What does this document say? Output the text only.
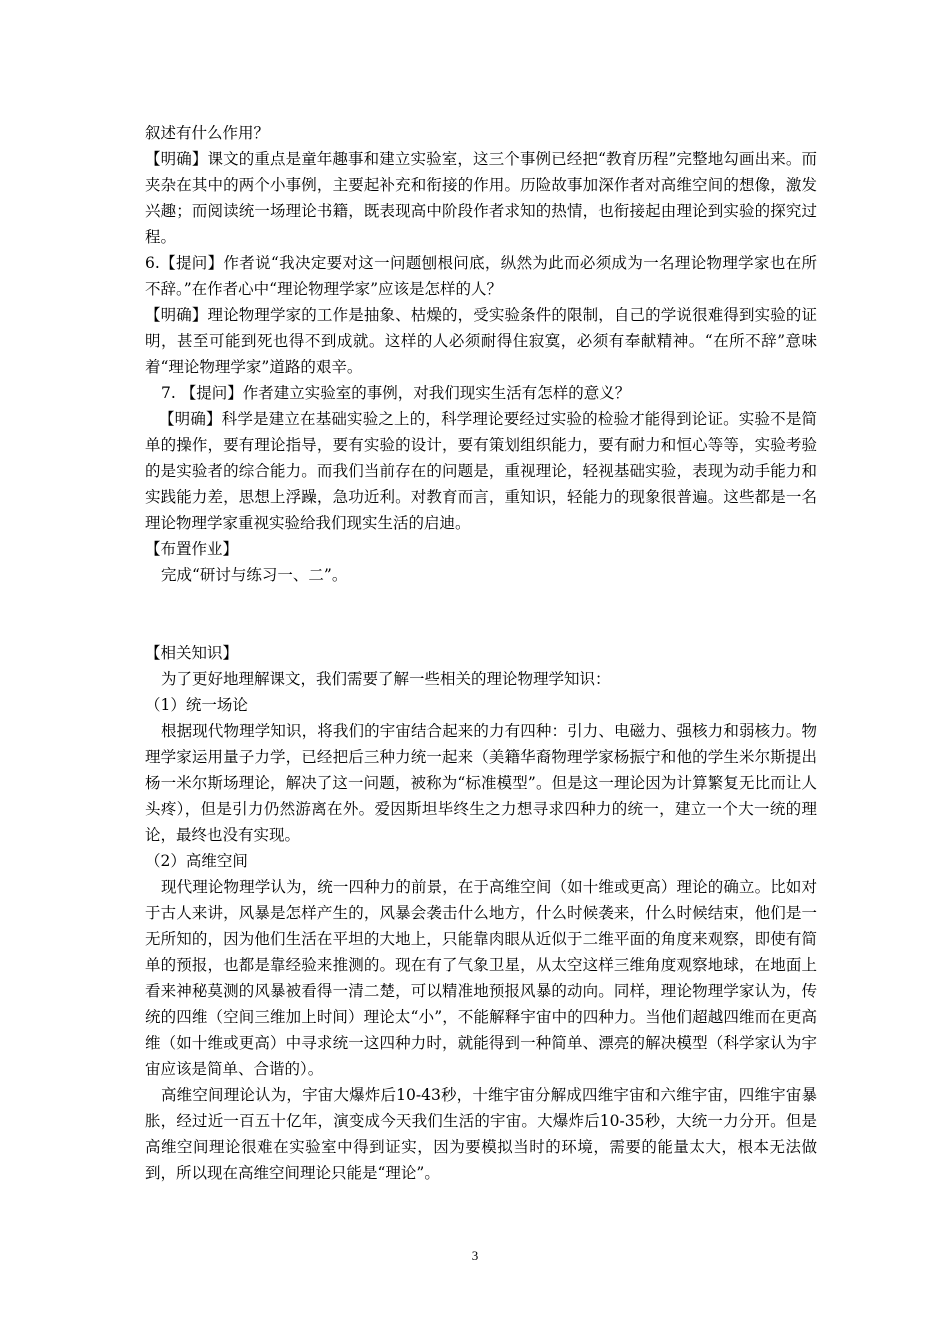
叙述有什么作用？

【明确】课文的重点是童年趣事和建立实验室，这三个事例已经把“教育历程”完整地勾画出来。而夹杂在其中的两个小事例，主要起补充和衔接的作用。历险故事加深作者对高维空间的想像，激发兴趣；而阅读统一场理论书籍，既表现高中阶段作者求知的热情，也衔接起由理论到实验的探究过程。

6.【提问】作者说“我决定要对这一问题刨根问底，纵然为此而必须成为一名理论物理学家也在所不辞。”在作者心中“理论物理学家”应该是怎样的人？

【明确】理论物理学家的工作是抽象、枯燥的，受实验条件的限制，自己的学说很难得到实验的证明，甚至可能到死也得不到成就。这样的人必须耐得住寂寞，必须有奉献精神。“在所不辞”意味着“理论物理学家”道路的艰辛。

7. 【提问】作者建立实验室的事例，对我们现实生活有怎样的意义？

【明确】科学是建立在基础实验之上的，科学理论要经过实验的检验才能得到论证。实验不是简单的操作，要有理论指导，要有实验的设计，要有策划组织能力，要有耐力和恒心等等，实验考验的是实验者的综合能力。而我们当前存在的问题是，重视理论，轻视基础实验，表现为动手能力和实践能力差，思想上浮躁，急功近利。对教育而言，重知识，轻能力的现象很普遍。这些都是一名理论物理学家重视实验给我们现实生活的启迪。

【布置作业】

完成“研讨与练习一、二”。

【相关知识】

为了更好地理解课文，我们需要了解一些相关的理论物理学知识：

（1）统一场论

根据现代物理学知识，将我们的宇宙结合起来的力有四种：引力、电磁力、强核力和弱核力。物理学家运用量子力学，已经把后三种力统一起来（美籍华裔物理学家杨振宁和他的学生米尔斯提出杨一米尔斯场理论，解决了这一问题，被称为“标准模型”。但是这一理论因为计算繁复无比而让人头疼），但是引力仍然游离在外。爱因斯坦毕终生之力想寻求四种力的统一，建立一个大一统的理论，最终也没有实现。

（2）高维空间

现代理论物理学认为，统一四种力的前景，在于高维空间（如十维或更高）理论的确立。比如对于古人来讲，风暴是怎样产生的，风暴会袭击什么地方，什么时候袭来，什么时候结束，他们是一无所知的，因为他们生活在平坦的大地上，只能靠肉眼从近似于二维平面的角度来观察，即使有简单的预报，也都是靠经验来推测的。现在有了气象卫星，从太空这样三维角度观察地球，在地面上看来神秘莫测的风暴被看得一清二楚，可以精准地预报风暴的动向。同样，理论物理学家认为，传统的四维（空间三维加上时间）理论太“小”，不能解释宇宙中的四种力。当他们超越四维而在更高维（如十维或更高）中寻求统一这四种力时，就能得到一种简单、漂亮的解决模型（科学家认为宇宙应该是简单、合谐的）。

高维空间理论认为，宇宙大爆炸后10-43秒，十维宇宙分解成四维宇宙和六维宇宙，四维宇宙暴胀，经过近一百五十亿年，演变成今天我们生活的宇宙。大爆炸后10-35秒，大统一力分开。但是高维空间理论很难在实验室中得到证实，因为要模拟当时的环境，需要的能量太大，根本无法做到，所以现在高维空间理论只能是“理论”。

3
